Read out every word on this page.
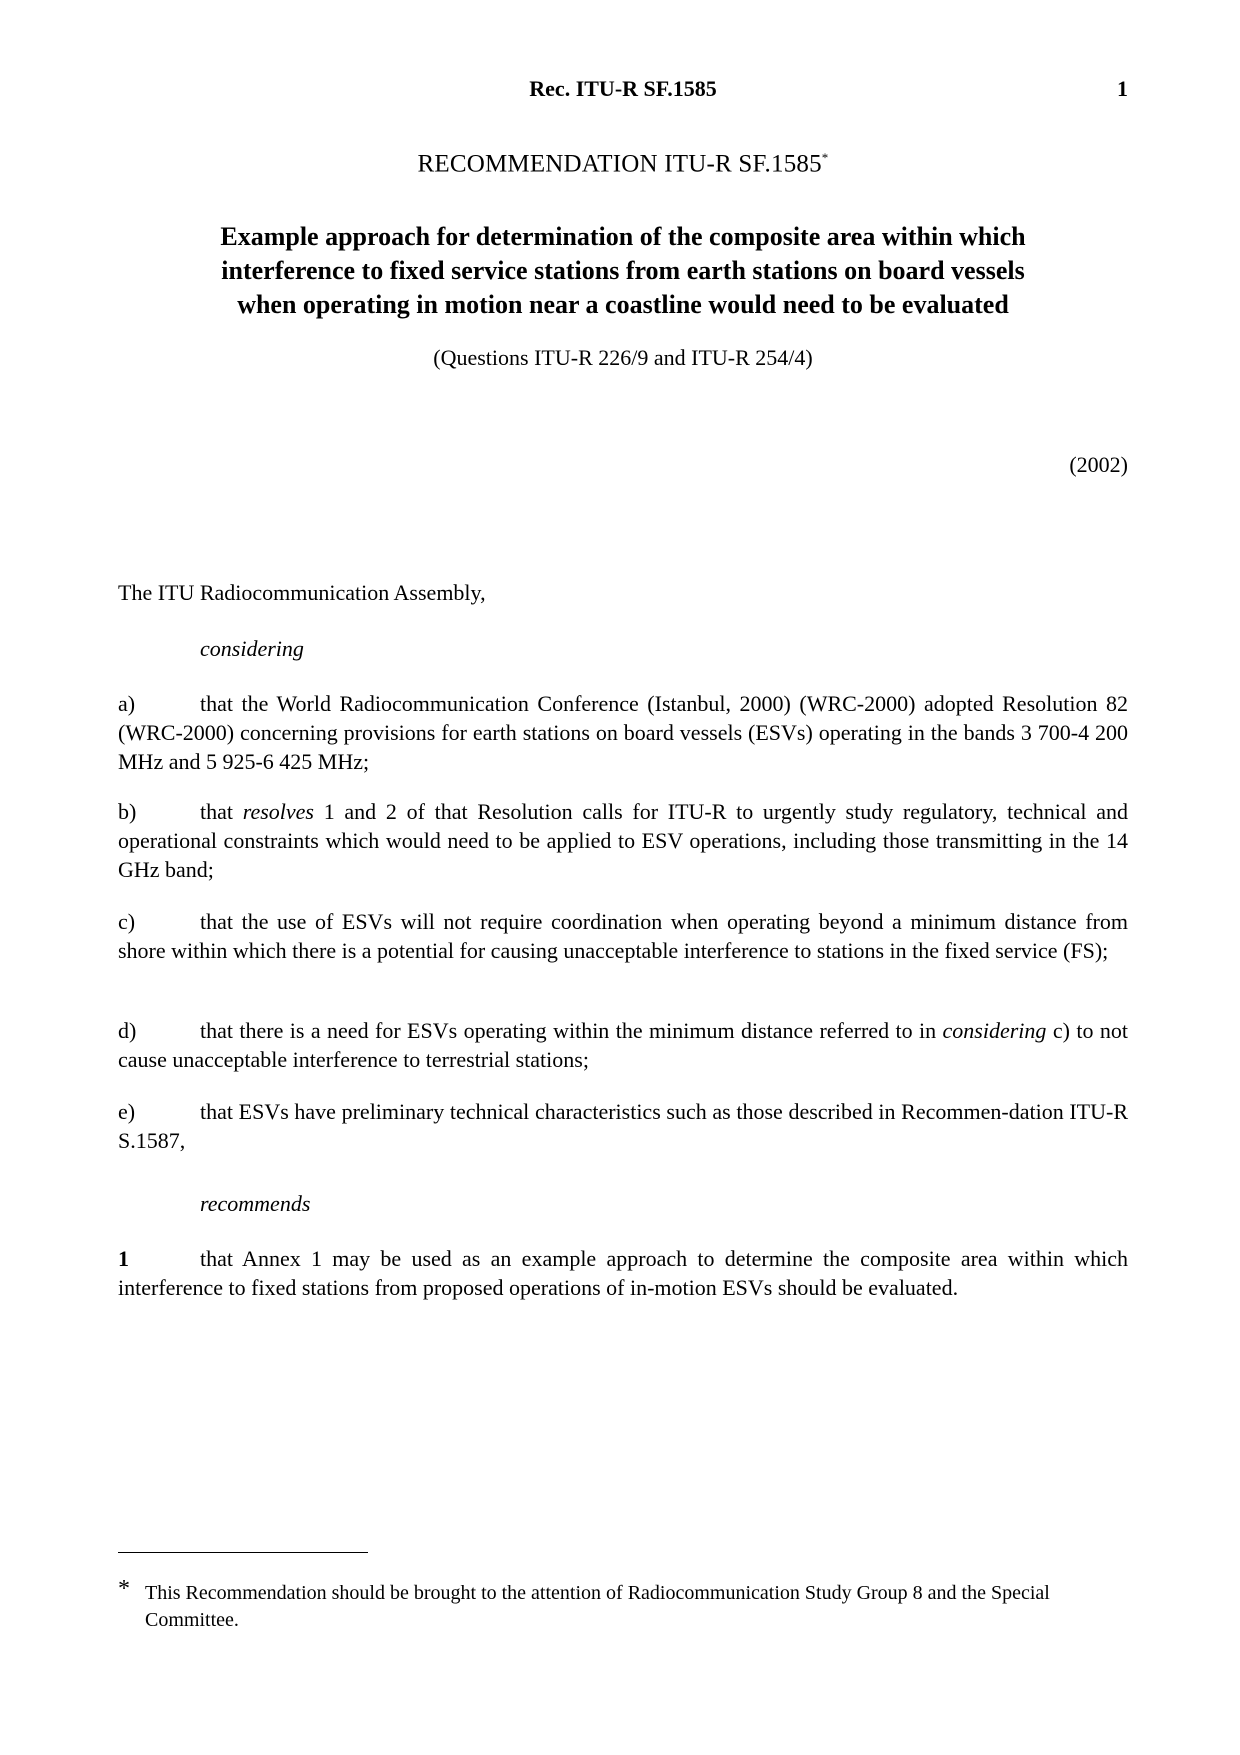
Rec. ITU-R SF.1585	1
RECOMMENDATION ITU-R SF.1585*
Example approach for determination of the composite area within which
interference to fixed service stations from earth stations on board vessels
when operating in motion near a coastline would need to be evaluated
(Questions ITU-R 226/9 and ITU-R 254/4)
(2002)
The ITU Radiocommunication Assembly,
considering
a)	that the World Radiocommunication Conference (Istanbul, 2000) (WRC-2000) adopted Resolution 82 (WRC-2000) concerning provisions for earth stations on board vessels (ESVs) operating in the bands 3 700-4 200 MHz and 5 925-6 425 MHz;
b)	that resolves 1 and 2 of that Resolution calls for ITU-R to urgently study regulatory, technical and operational constraints which would need to be applied to ESV operations, including those transmitting in the 14 GHz band;
c)	that the use of ESVs will not require coordination when operating beyond a minimum distance from shore within which there is a potential for causing unacceptable interference to stations in the fixed service (FS);
d)	that there is a need for ESVs operating within the minimum distance referred to in considering c) to not cause unacceptable interference to terrestrial stations;
e)	that ESVs have preliminary technical characteristics such as those described in Recommen-dation ITU-R S.1587,
recommends
1	that Annex 1 may be used as an example approach to determine the composite area within which interference to fixed stations from proposed operations of in-motion ESVs should be evaluated.
* This Recommendation should be brought to the attention of Radiocommunication Study Group 8 and the Special Committee.
